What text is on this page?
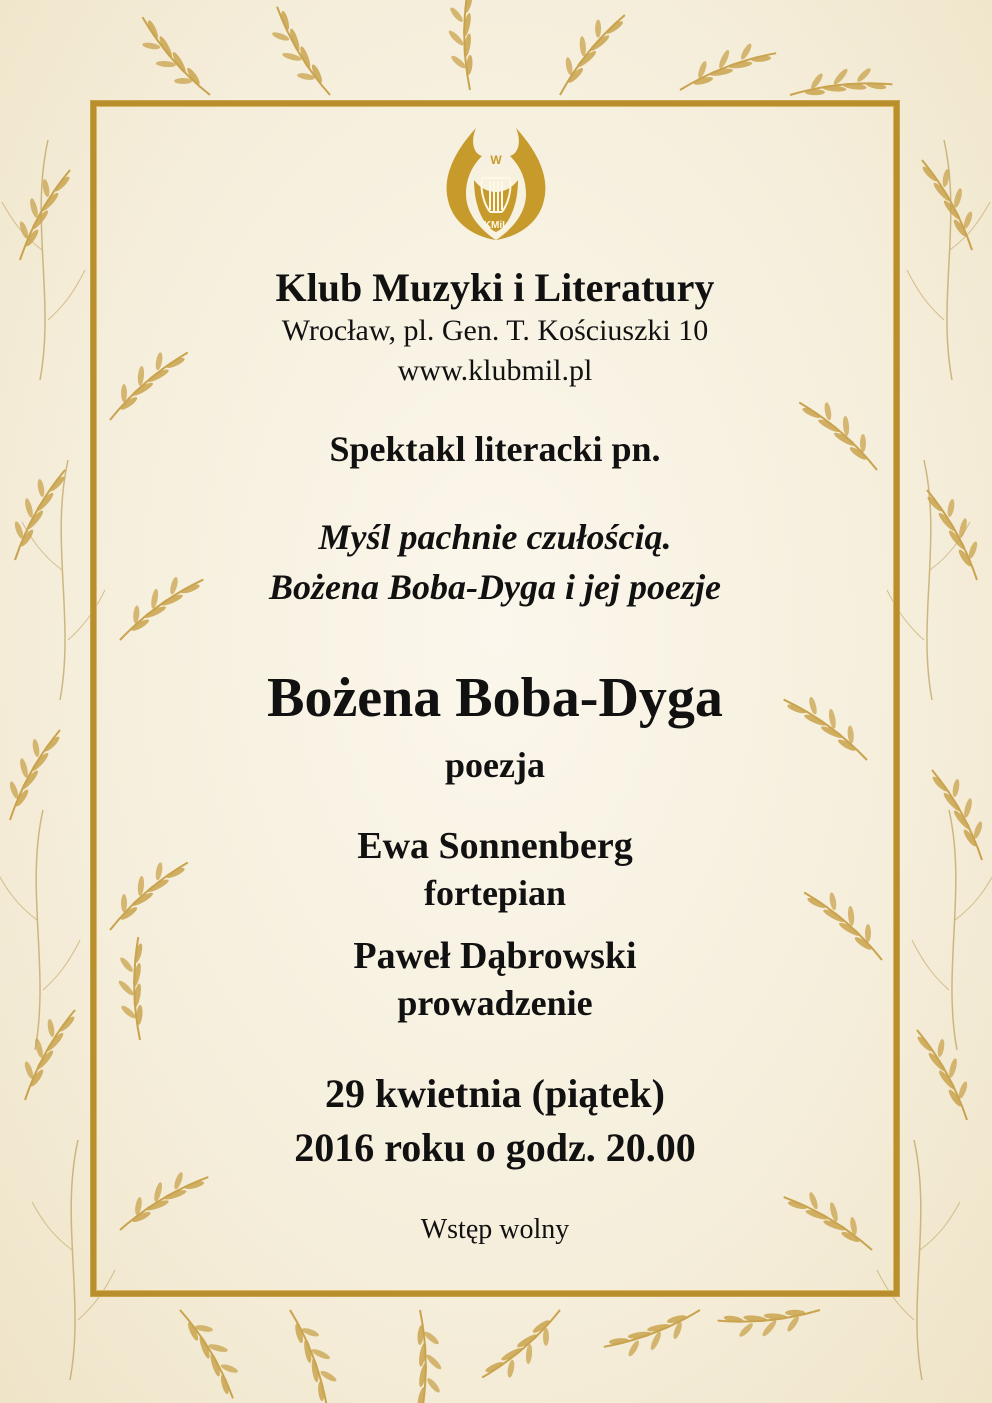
W
KMiL
Klub Muzyki i Literatury
Wrocław, pl. Gen. T. Kościuszki 10
www.klubmil.pl
Spektakl literacki pn.
Myśl pachnie czułością.
Bożena Boba-Dyga i jej poezje
Bożena Boba-Dyga
poezja
Ewa Sonnenberg
fortepian
Paweł Dąbrowski
prowadzenie
29 kwietnia (piątek)
2016 roku o godz. 20.00
Wstęp wolny
